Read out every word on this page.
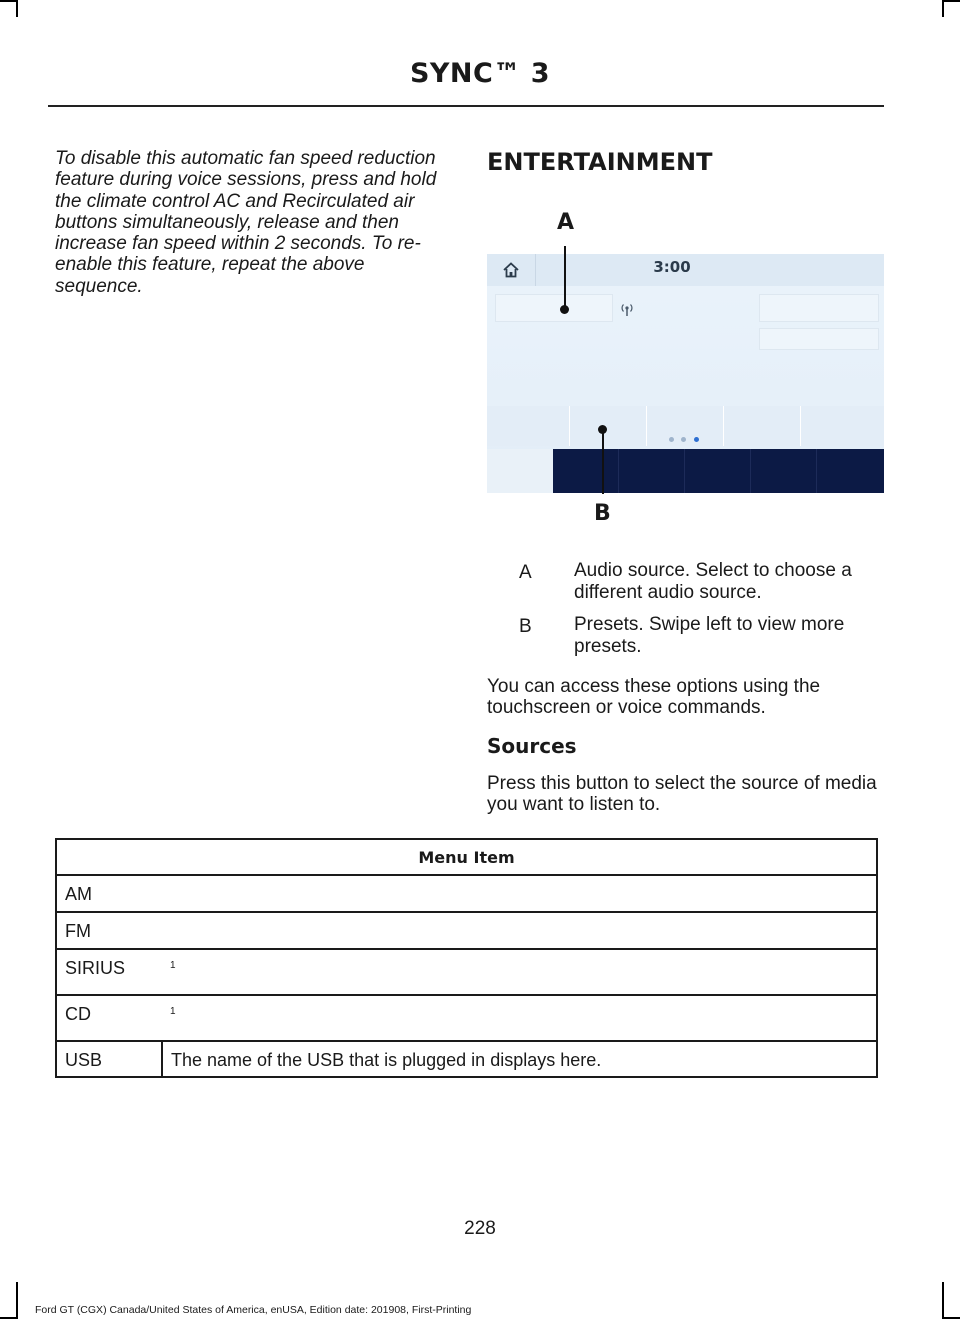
SYNC™ 3

To disable this automatic fan speed reduction feature during voice sessions, press and hold the climate control AC and Recirculated air buttons simultaneously, release and then increase fan speed within 2 seconds. To re-enable this feature, repeat the above sequence.

ENTERTAINMENT
3:00
A
B
A Audio source. Select to choose a different audio source.
B Presets. Swipe left to view more presets.

You can access these options using the touchscreen or voice commands.

Sources

Press this button to select the source of media you want to listen to.

Menu Item	
AM	
FM	
SIRIUS	$^1$
CD	$^1$
USB	The name of the USB that is plugged in displays here.
228
Ford GT (CGX) Canada/United States of America, enUSA, Edition date: 201908, First-Printing
